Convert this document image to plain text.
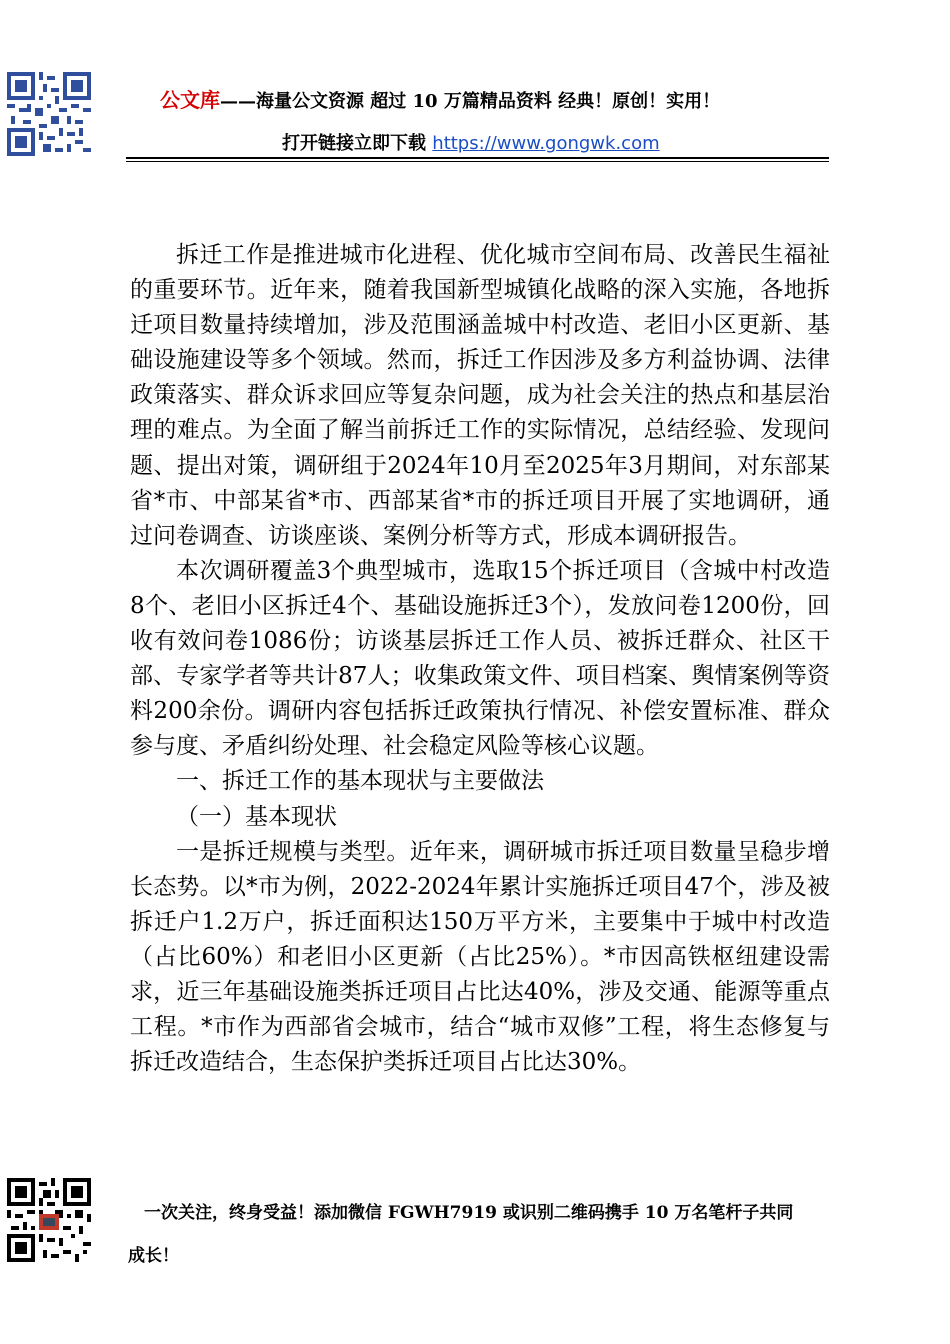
公文库——海量公文资源 超过 10 万篇精品资料 经典！原创！实用！
打开链接立即下载 https://www.gongwk.com

拆迁工作是推进城市化进程、优化城市空间布局、改善民生福祉的重要环节。近年来，随着我国新型城镇化战略的深入实施，各地拆迁项目数量持续增加，涉及范围涵盖城中村改造、老旧小区更新、基础设施建设等多个领域。然而，拆迁工作因涉及多方利益协调、法律政策落实、群众诉求回应等复杂问题，成为社会关注的热点和基层治理的难点。为全面了解当前拆迁工作的实际情况，总结经验、发现问题、提出对策，调研组于2024年10月至2025年3月期间，对东部某省*市、中部某省*市、西部某省*市的拆迁项目开展了实地调研，通过问卷调查、访谈座谈、案例分析等方式，形成本调研报告。

本次调研覆盖3个典型城市，选取15个拆迁项目（含城中村改造8个、老旧小区拆迁4个、基础设施拆迁3个），发放问卷1200份，回收有效问卷1086份；访谈基层拆迁工作人员、被拆迁群众、社区干部、专家学者等共计87人；收集政策文件、项目档案、舆情案例等资料200余份。调研内容包括拆迁政策执行情况、补偿安置标准、群众参与度、矛盾纠纷处理、社会稳定风险等核心议题。

一、拆迁工作的基本现状与主要做法

（一）基本现状

一是拆迁规模与类型。近年来，调研城市拆迁项目数量呈稳步增长态势。以*市为例，2022-2024年累计实施拆迁项目47个，涉及被拆迁户1.2万户，拆迁面积达150万平方米，主要集中于城中村改造（占比60%）和老旧小区更新（占比25%）。*市因高铁枢纽建设需求，近三年基础设施类拆迁项目占比达40%，涉及交通、能源等重点工程。*市作为西部省会城市，结合“城市双修”工程，将生态修复与拆迁改造结合，生态保护类拆迁项目占比达30%。

一次关注，终身受益！添加微信 FGWH7919 或识别二维码携手 10 万名笔杆子共同
成长！
